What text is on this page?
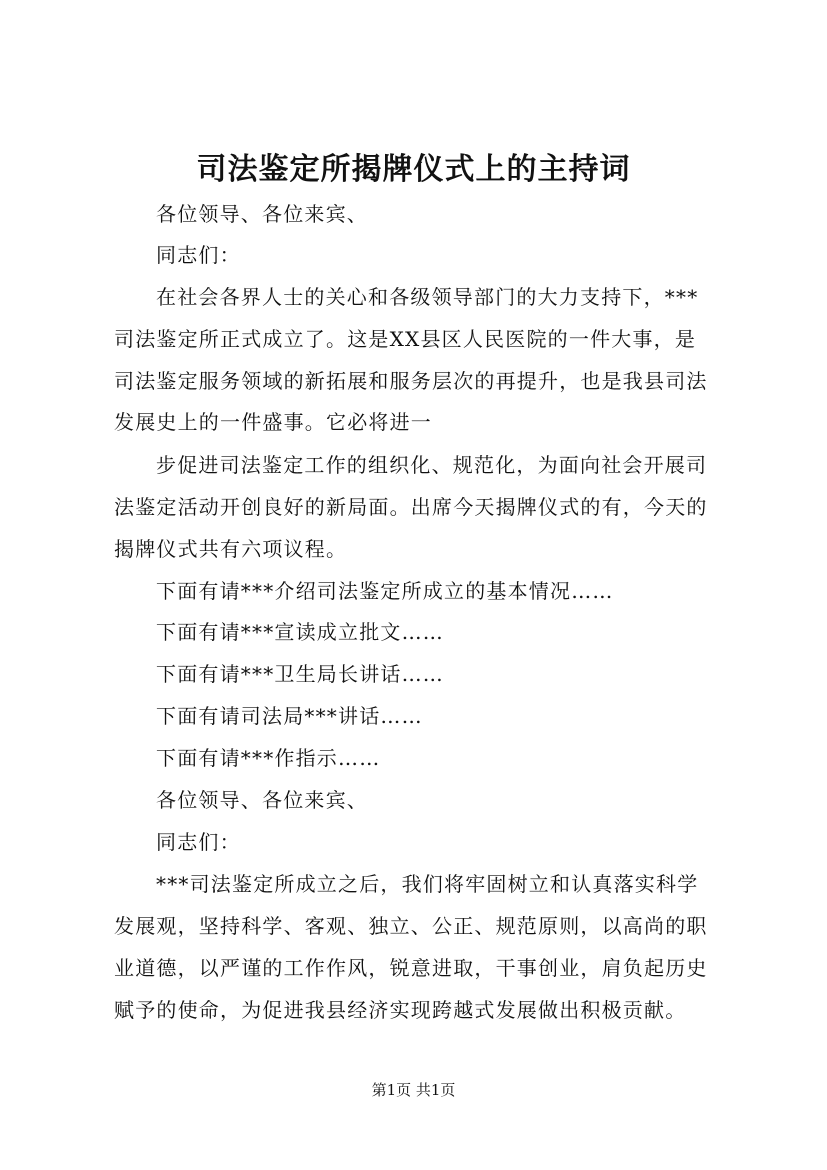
司法鉴定所揭牌仪式上的主持词
各位领导、各位来宾、
同志们：
在社会各界人士的关心和各级领导部门的大力支持下，***
司法鉴定所正式成立了。这是XX县区人民医院的一件大事，是
司法鉴定服务领域的新拓展和服务层次的再提升，也是我县司法
发展史上的一件盛事。它必将进一
步促进司法鉴定工作的组织化、规范化，为面向社会开展司
法鉴定活动开创良好的新局面。出席今天揭牌仪式的有，今天的
揭牌仪式共有六项议程。
下面有请***介绍司法鉴定所成立的基本情况……
下面有请***宣读成立批文……
下面有请***卫生局长讲话……
下面有请司法局***讲话……
下面有请***作指示……
各位领导、各位来宾、
同志们：
***司法鉴定所成立之后，我们将牢固树立和认真落实科学
发展观，坚持科学、客观、独立、公正、规范原则，以高尚的职
业道德，以严谨的工作作风，锐意进取，干事创业，肩负起历史
赋予的使命，为促进我县经济实现跨越式发展做出积极贡献。
第1页 共1页
